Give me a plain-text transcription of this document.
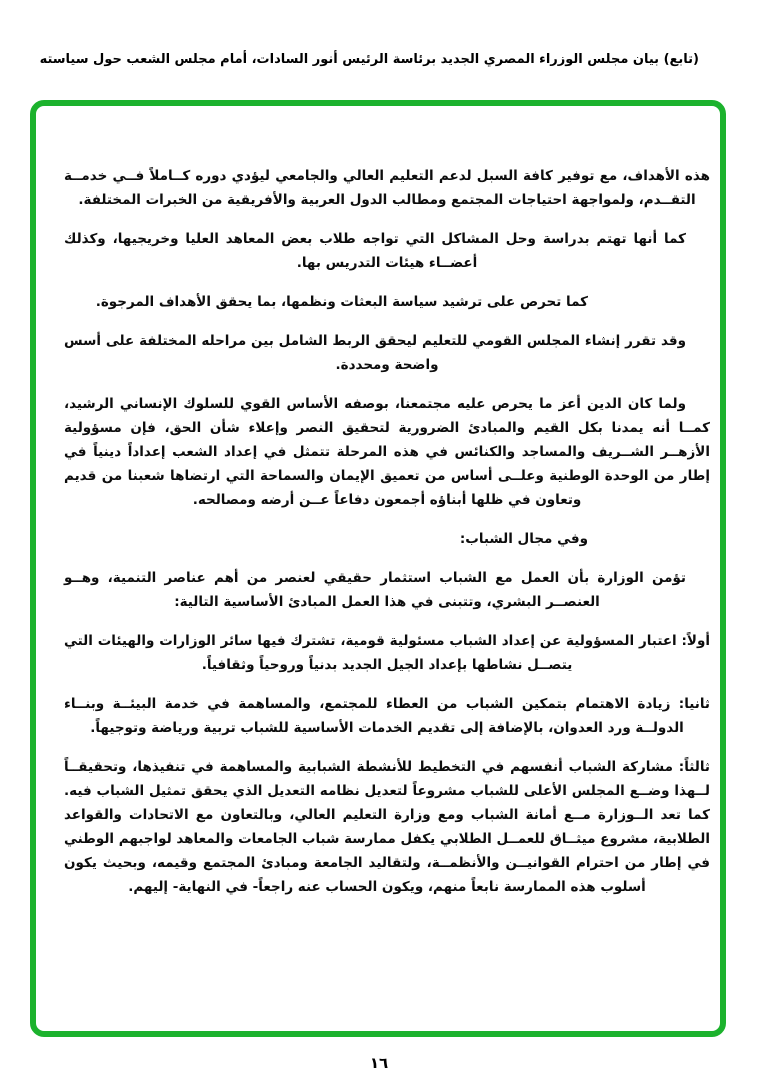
(تابع) بيان مجلس الوزراء المصري الجديد برئاسة الرئيس أنور السادات، أمام مجلس الشعب حول سياسته

هذه الأهداف، مع توفير كافة السبل لدعم التعليم العالي والجامعي ليؤدي دوره كــاملاً فــي خدمــة التقــدم، ولمواجهة احتياجات المجتمع ومطالب الدول العربية والأفريقية من الخبرات المختلفة.

كما أنها تهتم بدراسة وحل المشاكل التي تواجه طلاب بعض المعاهد العليا وخريجيها، وكذلك أعضــاء هيئات التدريس بها.

كما تحرص على ترشيد سياسة البعثات ونظمها، بما يحقق الأهداف المرجوة.

وقد تقرر إنشاء المجلس القومي للتعليم ليحقق الربط الشامل بين مراحله المختلفة على أسس واضحة ومحددة.

ولما كان الدين أعز ما يحرص عليه مجتمعنا، بوصفه الأساس القوي للسلوك الإنساني الرشيد، كمــا أنه يمدنا بكل القيم والمبادئ الضرورية لتحقيق النصر وإعلاء شأن الحق، فإن مسؤولية الأزهــر الشــريف والمساجد والكنائس في هذه المرحلة تتمثل في إعداد الشعب إعداداً دينياً في إطار من الوحدة الوطنية وعلــى أساس من تعميق الإيمان والسماحة التي ارتضاها شعبنا من قديم وتعاون في ظلها أبناؤه أجمعون دفاعاً عــن أرضه ومصالحه.

وفي مجال الشباب:

تؤمن الوزارة بأن العمل مع الشباب استثمار حقيقي لعنصر من أهم عناصر التنمية، وهــو العنصــر البشري، وتتبنى في هذا العمل المبادئ الأساسية التالية:

أولاً: اعتبار المسؤولية عن إعداد الشباب مسئولية قومية، تشترك فيها سائر الوزارات والهيئات التي يتصــل نشاطها بإعداد الجيل الجديد بدنياً وروحياً وثقافياً.

ثانيا: زيادة الاهتمام بتمكين الشباب من العطاء للمجتمع، والمساهمة في خدمة البيئــة وبنــاء الدولــة ورد العدوان، بالإضافة إلى تقديم الخدمات الأساسية للشباب تربية ورياضة وتوجيهاً.

ثالثاً: مشاركة الشباب أنفسهم في التخطيط للأنشطة الشبابية والمساهمة في تنفيذها، وتحقيقــاً لــهذا وضــع المجلس الأعلى للشباب مشروعاً لتعديل نظامه التعديل الذي يحقق تمثيل الشباب فيه. كما تعد الــوزارة مــع أمانة الشباب ومع وزارة التعليم العالي، وبالتعاون مع الاتحادات والقواعد الطلابية، مشروع ميثــاق للعمــل الطلابي يكفل ممارسة شباب الجامعات والمعاهد لواجبهم الوطني في إطار من احترام القوانيــن والأنظمــة، ولتقاليد الجامعة ومبادئ المجتمع وقيمه، وبحيث يكون أسلوب هذه الممارسة نابعاً منهم، ويكون الحساب عنه راجعاً- في النهاية- إليهم.

١٦
